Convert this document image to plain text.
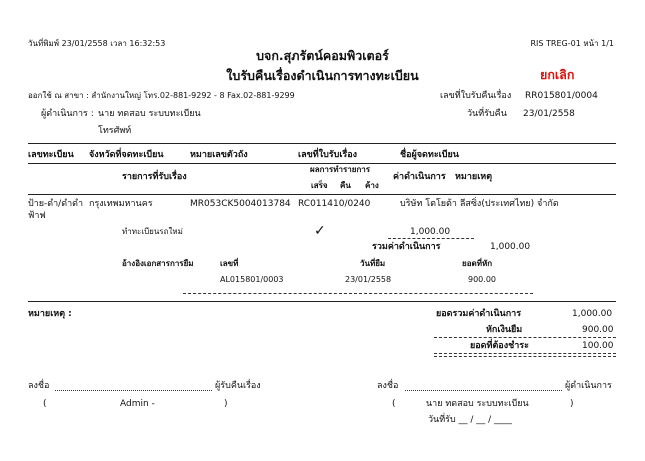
วันที่พิมพ์ 23/01/2558 เวลา 16:32:53	RIS TREG-01 หน้า 1/1
บจก.สุภรัตน์คอมพิวเตอร์
ใบรับคืนเรื่องดำเนินการทางทะเบียน	ยกเลิก
ออกใช้ ณ สาขา : สำนักงานใหญ่ โทร.02-881-9292 - 8 Fax.02-881-9299	เลขที่ใบรับคืนเรื่อง RR015801/0004
ผู้ดำเนินการ : นาย ทดสอบ ระบบทะเบียน	วันที่รับคืน 23/01/2558
โทรศัพท์
เลขทะเบียน จังหวัดที่จดทะเบียน	หมายเลขตัวถัง	เลขที่ใบรับเรื่อง	ชื่อผู้จดทะเบียน
ผลการทำรายการ
รายการที่รับเรื่อง	ค่าดำเนินการ หมายเหตุ
เสร็จ คืน ค้าง
ป้าย-ดำ/ดำดำ
ฟ้าฟ
กรุงเทพมหานคร	MR053CK5004013784 RC011410/0240	บริษัท โตโยต้า ลีสซิ่ง(ประเทศไทย) จำกัด
ทำทะเบียนรถใหม่	✓	1,000.00
รวมค่าดำเนินการ	1,000.00
อ้างอิงเอกสารการยืม	เลขที่	วันที่ยืม	ยอดที่หัก
AL015801/0003	23/01/2558	900.00
หมายเหตุ :	ยอดรวมค่าดำเนินการ	1,000.00
หักเงินยืม	900.00
ยอดที่ต้องชำระ	100.00
ลงชื่อ	ผู้รับคืนเรื่อง
(	Admin -	)
ลงชื่อ	ผู้ดำเนินการ
(	นาย ทดสอบ ระบบทะเบียน	)
วันที่รับ __ / __ / ____
